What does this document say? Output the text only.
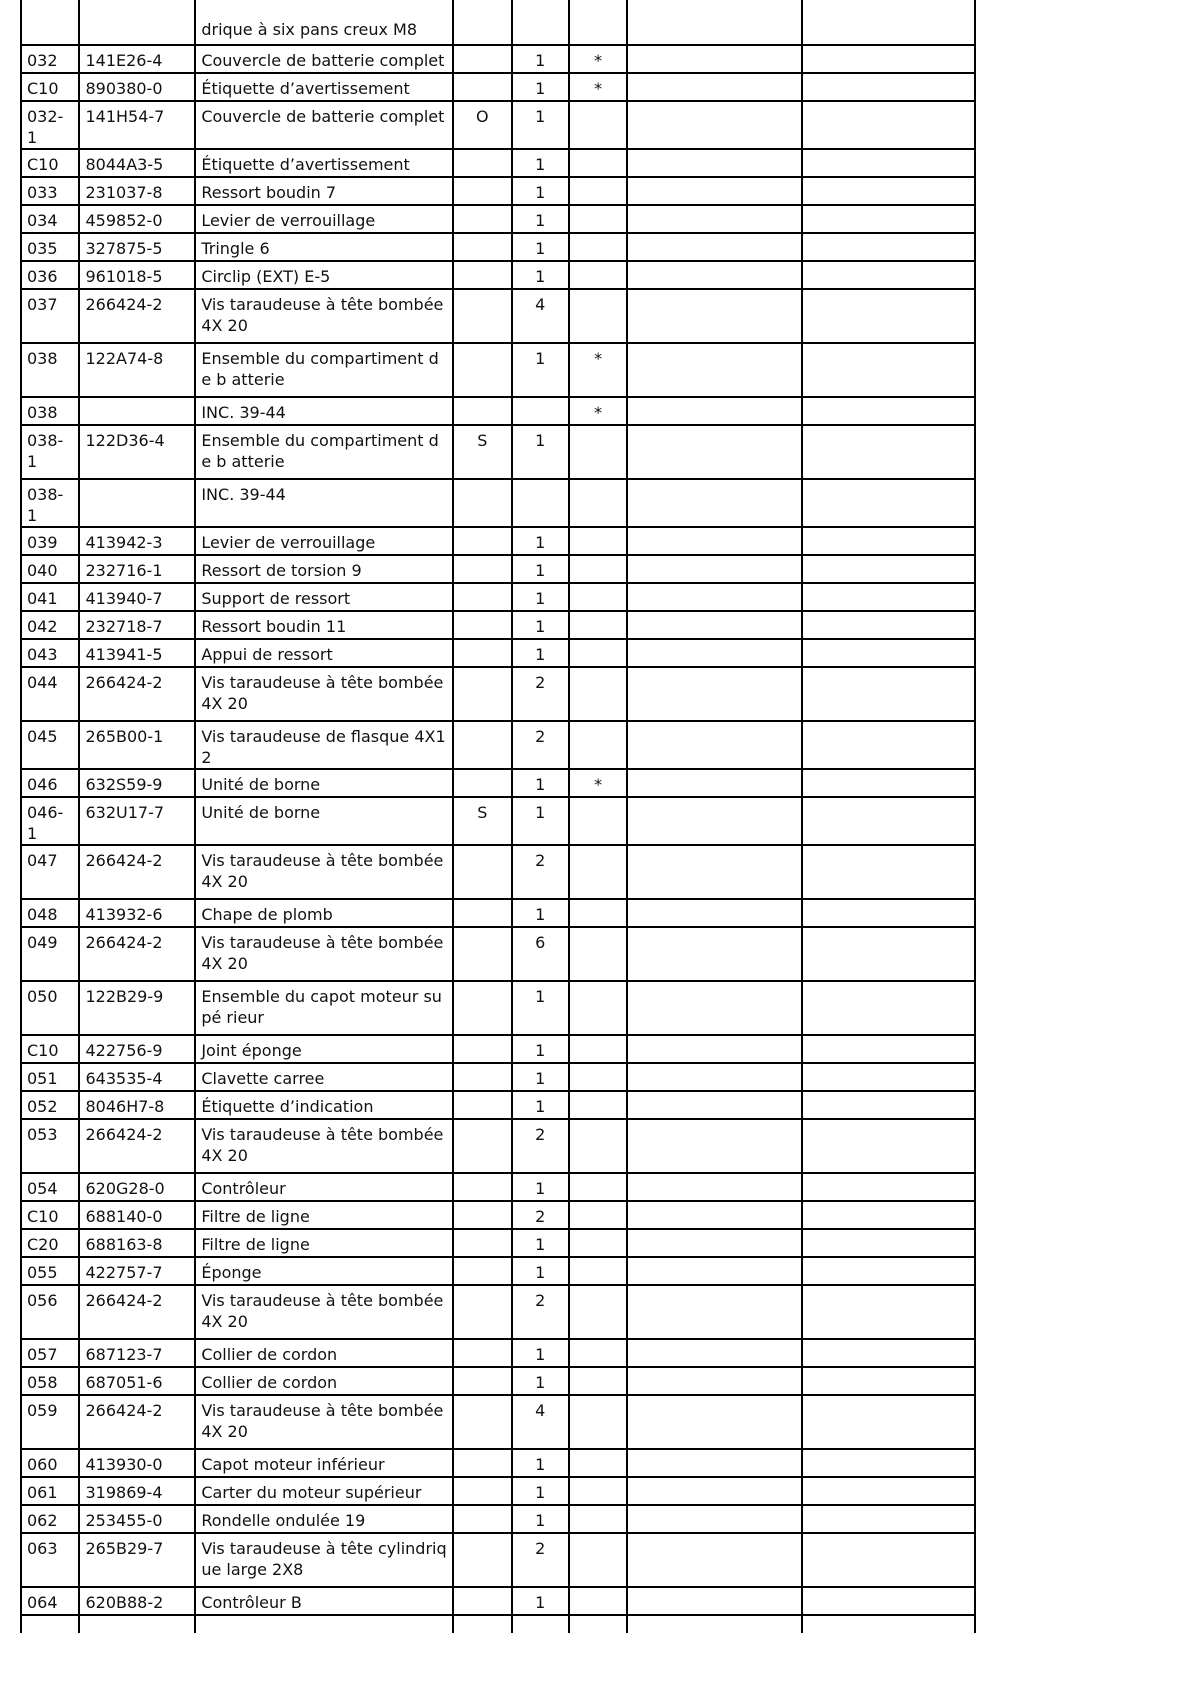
		drique à six pans creux M8					
032	141E26-4	Couvercle de batterie complet		1	*		
C10	890380-0	Étiquette d’avertissement		1	*		
032-1	141H54-7	Couvercle de batterie complet	O	1			
C10	8044A3-5	Étiquette d’avertissement		1			
033	231037-8	Ressort boudin 7		1			
034	459852-0	Levier de verrouillage		1			
035	327875-5	Tringle 6		1			
036	961018-5	Circlip (EXT) E-5		1			
037	266424-2	Vis taraudeuse à tête bombée 4X 20		4			
038	122A74-8	Ensemble du compartiment de b atterie		1	*		
038		INC. 39-44			*		
038-1	122D36-4	Ensemble du compartiment de b atterie	S	1			
038-1		INC. 39-44					
039	413942-3	Levier de verrouillage		1			
040	232716-1	Ressort de torsion 9		1			
041	413940-7	Support de ressort		1			
042	232718-7	Ressort boudin 11		1			
043	413941-5	Appui de ressort		1			
044	266424-2	Vis taraudeuse à tête bombée 4X 20		2			
045	265B00-1	Vis taraudeuse de flasque 4X12		2			
046	632S59-9	Unité de borne		1	*		
046-1	632U17-7	Unité de borne	S	1			
047	266424-2	Vis taraudeuse à tête bombée 4X 20		2			
048	413932-6	Chape de plomb		1			
049	266424-2	Vis taraudeuse à tête bombée 4X 20		6			
050	122B29-9	Ensemble du capot moteur supé rieur		1			
C10	422756-9	Joint éponge		1			
051	643535-4	Clavette carree		1			
052	8046H7-8	Étiquette d’indication		1			
053	266424-2	Vis taraudeuse à tête bombée 4X 20		2			
054	620G28-0	Contrôleur		1			
C10	688140-0	Filtre de ligne		2			
C20	688163-8	Filtre de ligne		1			
055	422757-7	Éponge		1			
056	266424-2	Vis taraudeuse à tête bombée 4X 20		2			
057	687123-7	Collier de cordon		1			
058	687051-6	Collier de cordon		1			
059	266424-2	Vis taraudeuse à tête bombée 4X 20		4			
060	413930-0	Capot moteur inférieur		1			
061	319869-4	Carter du moteur supérieur		1			
062	253455-0	Rondelle ondulée 19		1			
063	265B29-7	Vis taraudeuse à tête cylindrique large 2X8		2			
064	620B88-2	Contrôleur B		1			
